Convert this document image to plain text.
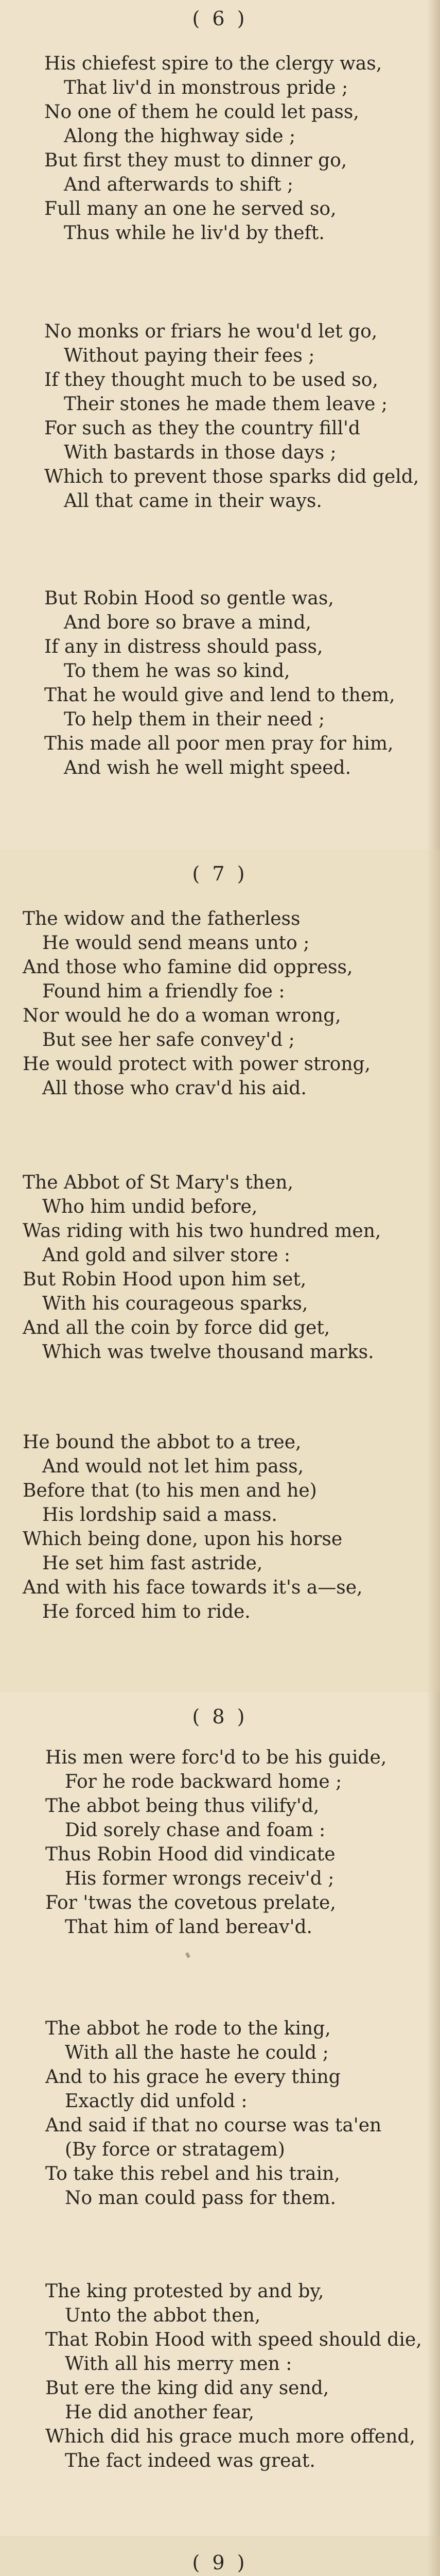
( 6 )
His chiefest spire to the clergy was,
That liv'd in monstrous pride ;
No one of them he could let pass,
Along the highway side ;
But first they must to dinner go,
And afterwards to shift ;
Full many an one he served so,
Thus while he liv'd by theft.
No monks or friars he wou'd let go,
Without paying their fees ;
If they thought much to be used so,
Their stones he made them leave ;
For such as they the country fill'd
With bastards in those days ;
Which to prevent those sparks did geld,
All that came in their ways.
But Robin Hood so gentle was,
And bore so brave a mind,
If any in distress should pass,
To them he was so kind,
That he would give and lend to them,
To help them in their need ;
This made all poor men pray for him,
And wish he well might speed.
( 7 )
The widow and the fatherless
He would send means unto ;
And those who famine did oppress,
Found him a friendly foe :
Nor would he do a woman wrong,
But see her safe convey'd ;
He would protect with power strong,
All those who crav'd his aid.
The Abbot of St Mary's then,
Who him undid before,
Was riding with his two hundred men,
And gold and silver store :
But Robin Hood upon him set,
With his courageous sparks,
And all the coin by force did get,
Which was twelve thousand marks.
He bound the abbot to a tree,
And would not let him pass,
Before that (to his men and he)
His lordship said a mass.
Which being done, upon his horse
He set him fast astride,
And with his face towards it's a—se,
He forced him to ride.
( 8 )
His men were forc'd to be his guide,
For he rode backward home ;
The abbot being thus vilify'd,
Did sorely chase and foam :
Thus Robin Hood did vindicate
His former wrongs receiv'd ;
For 'twas the covetous prelate,
That him of land bereav'd.
The abbot he rode to the king,
With all the haste he could ;
And to his grace he every thing
Exactly did unfold :
And said if that no course was ta'en
(By force or stratagem)
To take this rebel and his train,
No man could pass for them.
The king protested by and by,
Unto the abbot then,
That Robin Hood with speed should die,
With all his merry men :
But ere the king did any send,
He did another fear,
Which did his grace much more offend,
The fact indeed was great.
( 9 )
